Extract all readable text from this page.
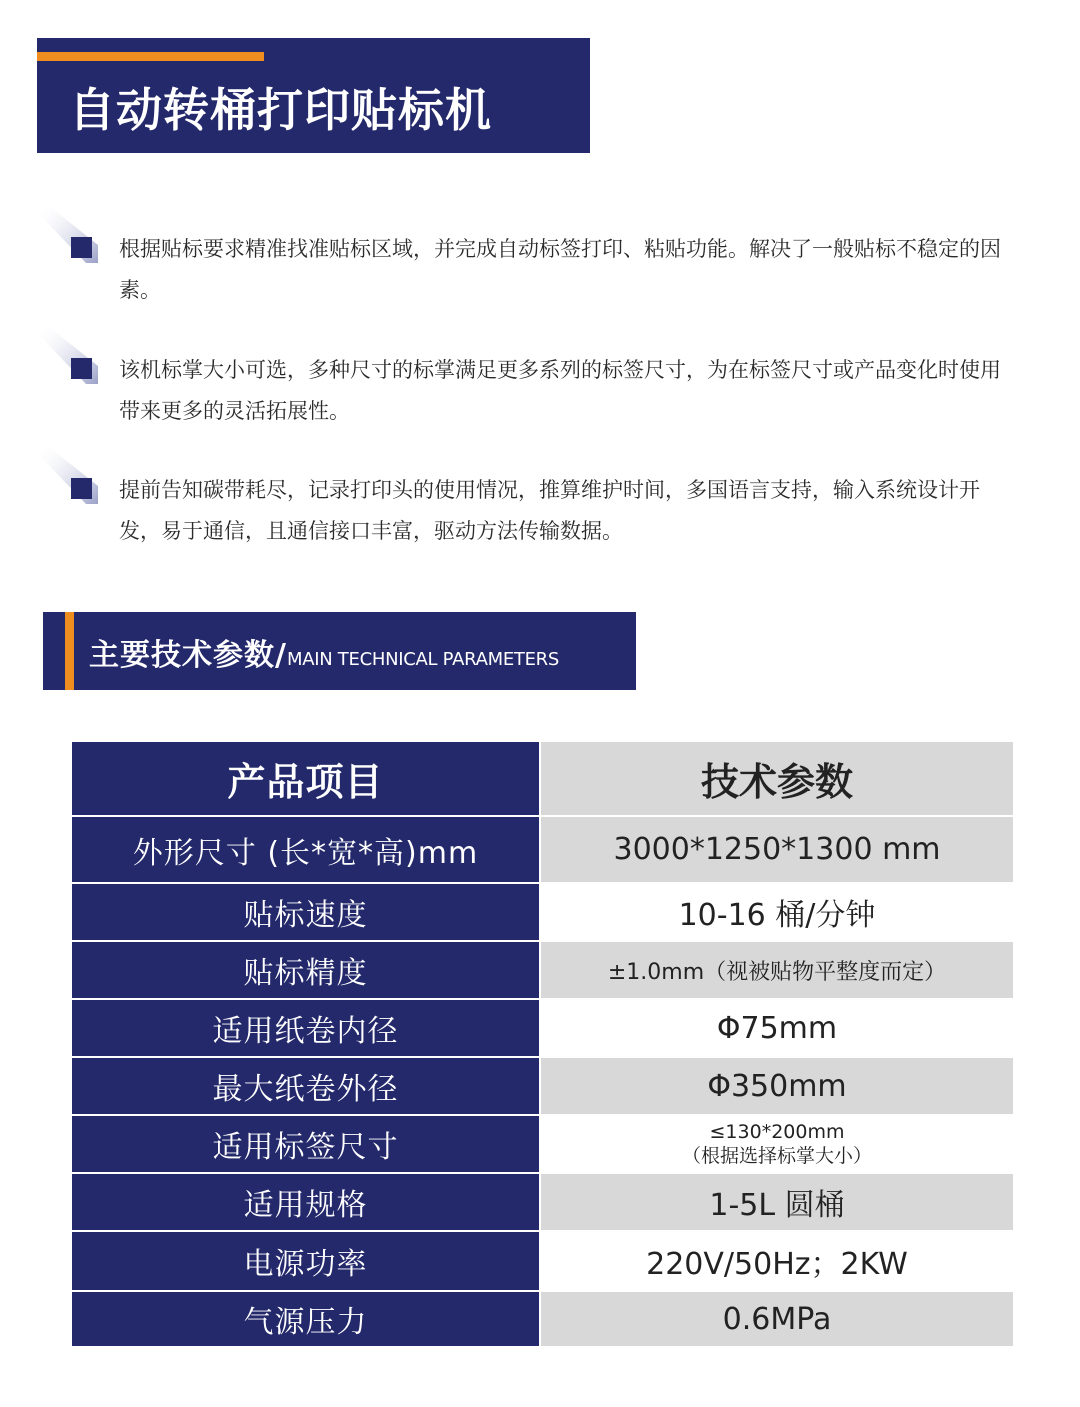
自动转桶打印贴标机
根据贴标要求精准找准贴标区域，并完成自动标签打印、粘贴功能。解决了一般贴标不稳定的因素。
该机标掌大小可选，多种尺寸的标掌满足更多系列的标签尺寸，为在标签尺寸或产品变化时使用带来更多的灵活拓展性。
提前告知碳带耗尽，记录打印头的使用情况，推算维护时间，多国语言支持，输入系统设计开发，易于通信，且通信接口丰富，驱动方法传输数据。
主要技术参数/MAIN TECHNICAL PARAMETERS
产品项目	技术参数
外形尺寸 (长*宽*高)mm	3000*1250*1300 mm
贴标速度	10-16 桶/分钟
贴标精度	±1.0mm（视被贴物平整度而定）
适用纸卷内径	Φ75mm
最大纸卷外径	Φ350mm
适用标签尺寸	≤130*200mm
（根据选择标掌大小）

适用规格	1-5L 圆桶
电源功率	220V/50Hz；2KW
气源压力	0.6MPa
